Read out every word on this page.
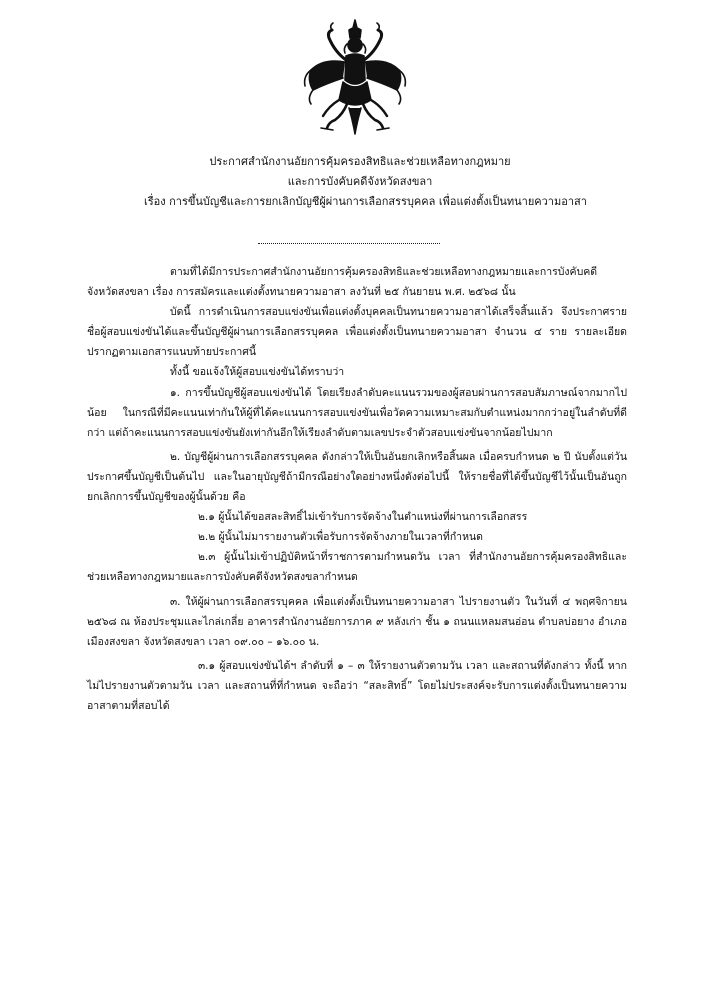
ประกาศสำนักงานอัยการคุ้มครองสิทธิและช่วยเหลือทางกฎหมาย
และการบังคับคดีจังหวัดสงขลา
เรื่อง การขึ้นบัญชีและการยกเลิกบัญชีผู้ผ่านการเลือกสรรบุคคล เพื่อแต่งตั้งเป็นทนายความอาสา

ตามที่ได้มีการประกาศสำนักงานอัยการคุ้มครองสิทธิและช่วยเหลือทางกฎหมายและการบังคับคดีจังหวัดสงขลา เรื่อง การสมัครและแต่งตั้งทนายความอาสา ลงวันที่ ๒๕ กันยายน พ.ศ. ๒๕๖๘ นั้น

บัดนี้ การดำเนินการสอบแข่งขันเพื่อแต่งตั้งบุคคลเป็นทนายความอาสาได้เสร็จสิ้นแล้ว จึงประกาศรายชื่อผู้สอบแข่งขันได้และขึ้นบัญชีผู้ผ่านการเลือกสรรบุคคล เพื่อแต่งตั้งเป็นทนายความอาสา จำนวน ๔ ราย รายละเอียดปรากฏตามเอกสารแนบท้ายประกาศนี้

ทั้งนี้ ขอแจ้งให้ผู้สอบแข่งขันได้ทราบว่า

๑. การขึ้นบัญชีผู้สอบแข่งขันได้ โดยเรียงลำดับคะแนนรวมของผู้สอบผ่านการสอบสัมภาษณ์จากมากไปน้อย ในกรณีที่มีคะแนนเท่ากันให้ผู้ที่ได้คะแนนการสอบแข่งขันเพื่อวัดความเหมาะสมกับตำแหน่งมากกว่าอยู่ในลำดับที่ดีกว่า แต่ถ้าคะแนนการสอบแข่งขันยังเท่ากันอีกให้เรียงลำดับตามเลขประจำตัวสอบแข่งขันจากน้อยไปมาก

๒. บัญชีผู้ผ่านการเลือกสรรบุคคล ดังกล่าวให้เป็นอันยกเลิกหรือสิ้นผล เมื่อครบกำหนด ๒ ปี นับตั้งแต่วันประกาศขึ้นบัญชีเป็นต้นไป และในอายุบัญชีถ้ามีกรณีอย่างใดอย่างหนึ่งดังต่อไปนี้ ให้รายชื่อที่ได้ขึ้นบัญชีไว้นั้นเป็นอันถูกยกเลิกการขึ้นบัญชีของผู้นั้นด้วย คือ

๒.๑ ผู้นั้นได้ขอสละสิทธิ์ไม่เข้ารับการจัดจ้างในตำแหน่งที่ผ่านการเลือกสรร

๒.๒ ผู้นั้นไม่มารายงานตัวเพื่อรับการจัดจ้างภายในเวลาที่กำหนด

๒.๓ ผู้นั้นไม่เข้าปฏิบัติหน้าที่ราชการตามกำหนดวัน เวลา ที่สำนักงานอัยการคุ้มครองสิทธิและช่วยเหลือทางกฎหมายและการบังคับคดีจังหวัดสงขลากำหนด

๓. ให้ผู้ผ่านการเลือกสรรบุคคล เพื่อแต่งตั้งเป็นทนายความอาสา ไปรายงานตัว ในวันที่ ๔ พฤศจิกายน ๒๕๖๘ ณ ห้องประชุมและไกล่เกลี่ย อาคารสำนักงานอัยการภาค ๙ หลังเก่า ชั้น ๑ ถนนแหลมสนอ่อน ตำบลบ่อยาง อำเภอเมืองสงขลา จังหวัดสงขลา เวลา ๐๙.๐๐ – ๑๖.๐๐ น.

๓.๑ ผู้สอบแข่งขันได้ฯ ลำดับที่ ๑ – ๓ ให้รายงานตัวตามวัน เวลา และสถานที่ดังกล่าว ทั้งนี้ หากไม่ไปรายงานตัวตามวัน เวลา และสถานที่ที่กำหนด จะถือว่า “สละสิทธิ์” โดยไม่ประสงค์จะรับการแต่งตั้งเป็นทนายความอาสาตามที่สอบได้
